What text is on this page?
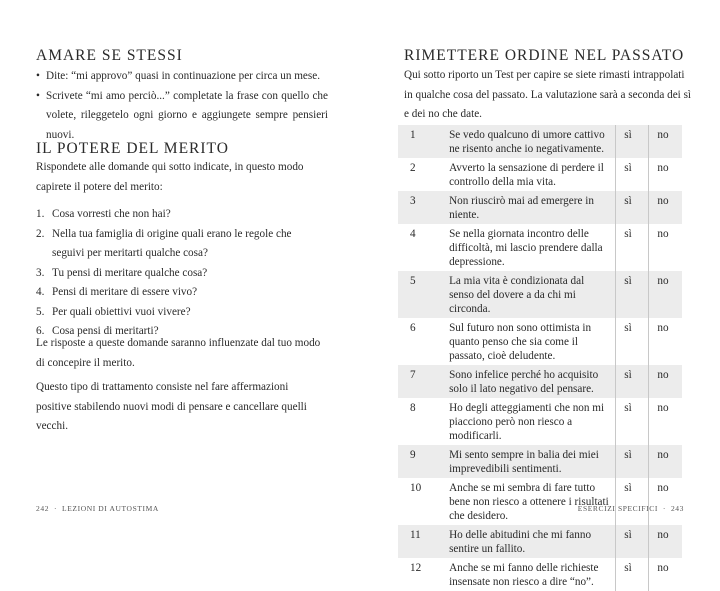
AMARE SE STESSI
• Dite: “mi approvo” quasi in continuazione per circa un mese.
• Scrivete “mi amo perciò...” completate la frase con quello che volete, rileggetelo ogni giorno e aggiungete sempre pensieri nuovi.
IL POTERE DEL MERITO

Rispondete alle domande qui sotto indicate, in questo modo capirete il potere del merito:

1. Cosa vorresti che non hai?
2. Nella tua famiglia di origine quali erano le regole che seguivi per meritarti qualche cosa?
3. Tu pensi di meritare qualche cosa?
4. Pensi di meritare di essere vivo?
5. Per quali obiettivi vuoi vivere?
6. Cosa pensi di meritarti?

Le risposte a queste domande saranno influenzate dal tuo modo di concepire il merito.

Questo tipo di trattamento consiste nel fare affermazioni positive stabilendo nuovi modi di pensare e cancellare quelli vecchi.

242  ·  LEZIONI DI AUTOSTIMA
RIMETTERE ORDINE NEL PASSATO

Qui sotto riporto un Test per capire se siete rimasti intrappolati in qualche cosa del passato. La valutazione sarà a seconda dei sì e dei no che date.

1	Se vedo qualcuno di umore cattivo ne risento anche io negativamente.	sì	no
2	Avverto la sensazione di perdere il controllo della mia vita.	sì	no
3	Non riuscirò mai ad emergere in niente.	sì	no
4	Se nella giornata incontro delle difficoltà, mi lascio prendere dalla depressione.	sì	no
5	La mia vita è condizionata dal senso del dovere a da chi mi circonda.	sì	no
6	Sul futuro non sono ottimista in quanto penso che sia come il passato, cioè deludente.	sì	no
7	Sono infelice perché ho acquisito solo il lato negativo del pensare.	sì	no
8	Ho degli atteggiamenti che non mi piacciono però non riesco a modificarli.	sì	no
9	Mi sento sempre in balia dei miei imprevedibili sentimenti.	sì	no
10	Anche se mi sembra di fare tutto bene non riesco a ottenere i risultati che desidero.	sì	no
11	Ho delle abitudini che mi fanno sentire un fallito.	sì	no
12	Anche se mi fanno delle richieste insensate non riesco a dire “no”.	sì	no
ESERCIZI SPECIFICI  ·  243
